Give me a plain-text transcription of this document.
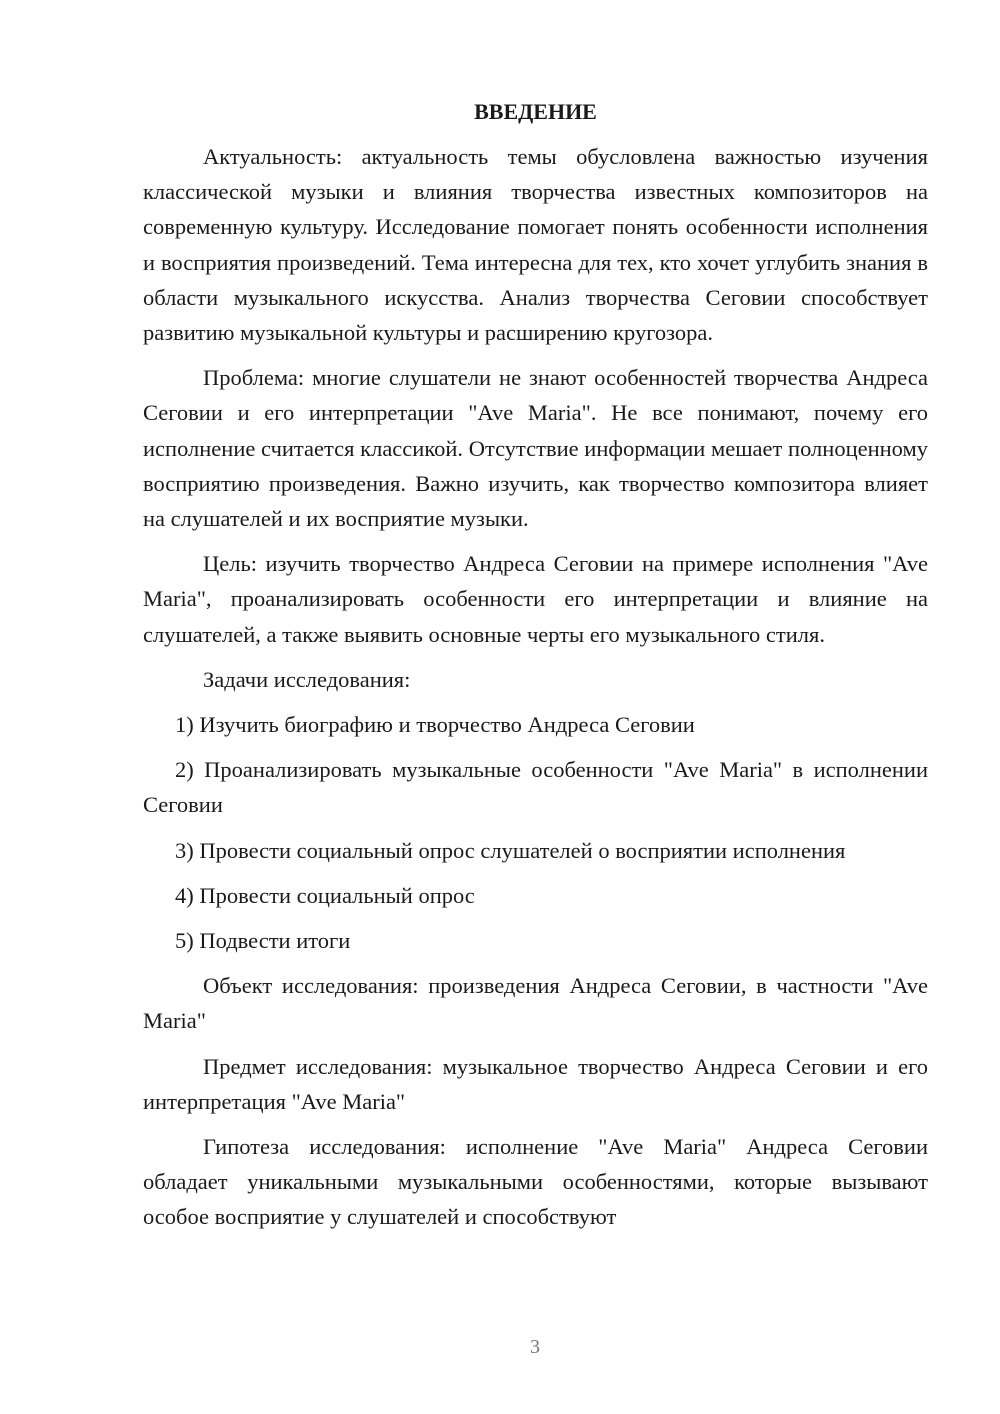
ВВЕДЕНИЕ

Актуальность: актуальность темы обусловлена важностью изучения классической музыки и влияния творчества известных композиторов на современную культуру. Исследование помогает понять особенности исполнения и восприятия произведений. Тема интересна для тех, кто хочет углубить знания в области музыкального искусства. Анализ творчества Сеговии способствует развитию музыкальной культуры и расширению кругозора.

Проблема: многие слушатели не знают особенностей творчества Андреса Сеговии и его интерпретации "Ave Maria". Не все понимают, почему его исполнение считается классикой. Отсутствие информации мешает полноценному восприятию произведения. Важно изучить, как творчество композитора влияет на слушателей и их восприятие музыки.

Цель: изучить творчество Андреса Сеговии на примере исполнения "Ave Maria", проанализировать особенности его интерпретации и влияние на слушателей, а также выявить основные черты его музыкального стиля.

Задачи исследования:

1) Изучить биографию и творчество Андреса Сеговии

2) Проанализировать музыкальные особенности "Ave Maria" в исполнении Сеговии

3) Провести социальный опрос слушателей о восприятии исполнения

4) Провести социальный опрос

5) Подвести итоги

Объект исследования: произведения Андреса Сеговии, в частности "Ave Maria"

Предмет исследования: музыкальное творчество Андреса Сеговии и его интерпретация "Ave Maria"

Гипотеза исследования: исполнение "Ave Maria" Андреса Сеговии обладает уникальными музыкальными особенностями, которые вызывают особое восприятие у слушателей и способствуют

3
